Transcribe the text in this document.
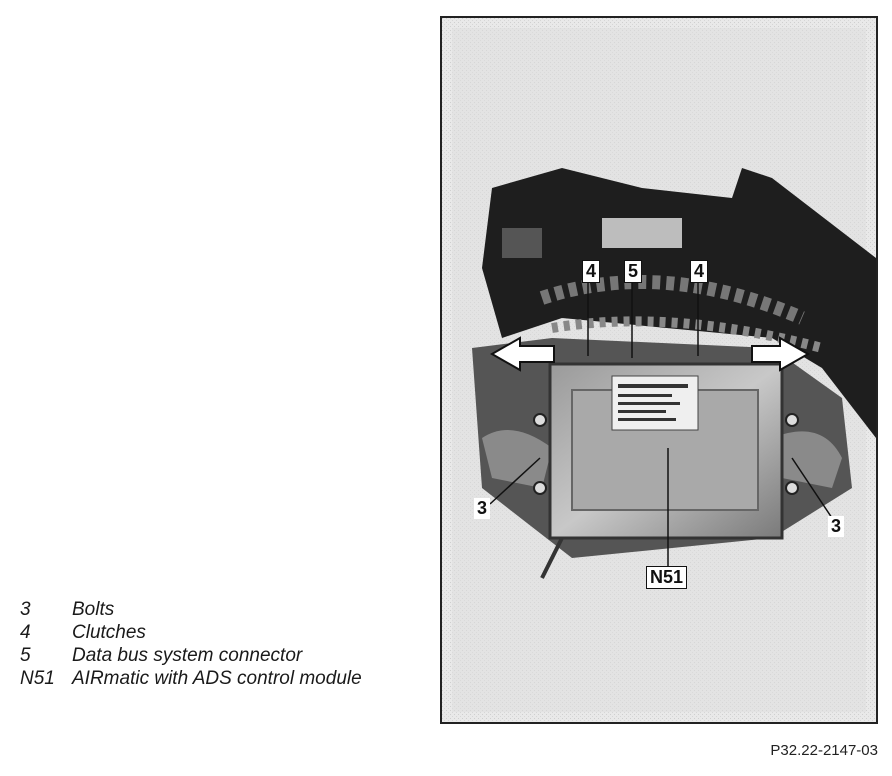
3	Bolts
4	Clutches
5	Data bus system connector
N51 AIRmatic with ADS control module
4 5	4
3
3
N51
P32.22-2147-03
